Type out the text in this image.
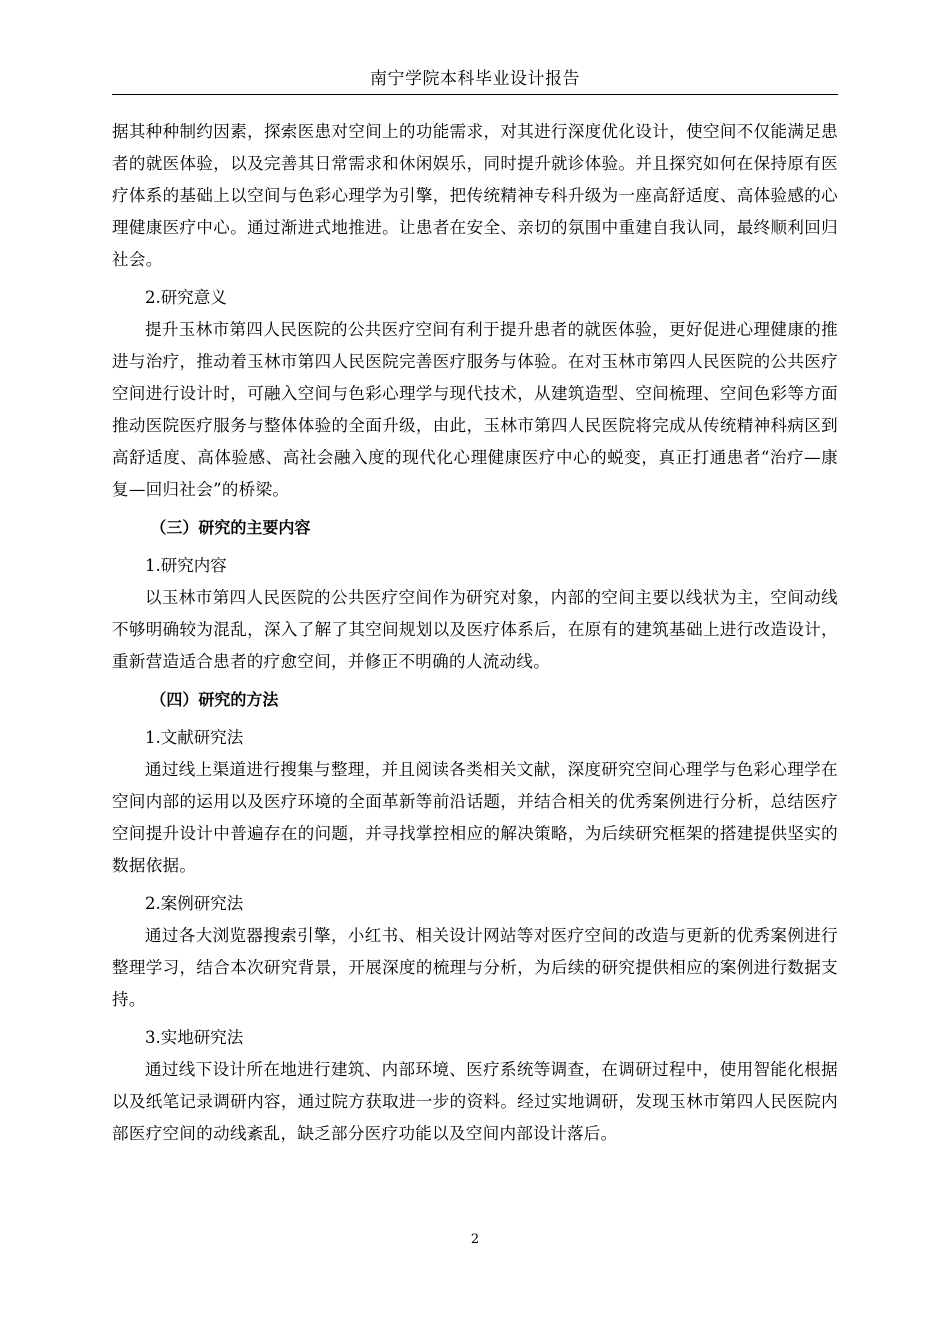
南宁学院本科毕业设计报告

据其种种制约因素，探索医患对空间上的功能需求，对其进行深度优化设计，使空间不仅能满足患者的就医体验，以及完善其日常需求和休闲娱乐，同时提升就诊体验。并且探究如何在保持原有医疗体系的基础上以空间与色彩心理学为引擎，把传统精神专科升级为一座高舒适度、高体验感的心理健康医疗中心。通过渐进式地推进。让患者在安全、亲切的氛围中重建自我认同，最终顺利回归社会。

2.研究意义

提升玉林市第四人民医院的公共医疗空间有利于提升患者的就医体验，更好促进心理健康的推进与治疗，推动着玉林市第四人民医院完善医疗服务与体验。在对玉林市第四人民医院的公共医疗空间进行设计时，可融入空间与色彩心理学与现代技术，从建筑造型、空间梳理、空间色彩等方面推动医院医疗服务与整体体验的全面升级，由此，玉林市第四人民医院将完成从传统精神科病区到高舒适度、高体验感、高社会融入度的现代化心理健康医疗中心的蜕变，真正打通患者“治疗—康复—回归社会”的桥梁。

（三）研究的主要内容

1.研究内容

以玉林市第四人民医院的公共医疗空间作为研究对象，内部的空间主要以线状为主，空间动线不够明确较为混乱，深入了解了其空间规划以及医疗体系后，在原有的建筑基础上进行改造设计，重新营造适合患者的疗愈空间，并修正不明确的人流动线。

（四）研究的方法

1.文献研究法

通过线上渠道进行搜集与整理，并且阅读各类相关文献，深度研究空间心理学与色彩心理学在空间内部的运用以及医疗环境的全面革新等前沿话题，并结合相关的优秀案例进行分析，总结医疗空间提升设计中普遍存在的问题，并寻找掌控相应的解决策略，为后续研究框架的搭建提供坚实的数据依据。

2.案例研究法

通过各大浏览器搜索引擎，小红书、相关设计网站等对医疗空间的改造与更新的优秀案例进行整理学习，结合本次研究背景，开展深度的梳理与分析，为后续的研究提供相应的案例进行数据支持。

3.实地研究法

通过线下设计所在地进行建筑、内部环境、医疗系统等调查，在调研过程中，使用智能化根据以及纸笔记录调研内容，通过院方获取进一步的资料。经过实地调研，发现玉林市第四人民医院内部医疗空间的动线紊乱，缺乏部分医疗功能以及空间内部设计落后。

2
